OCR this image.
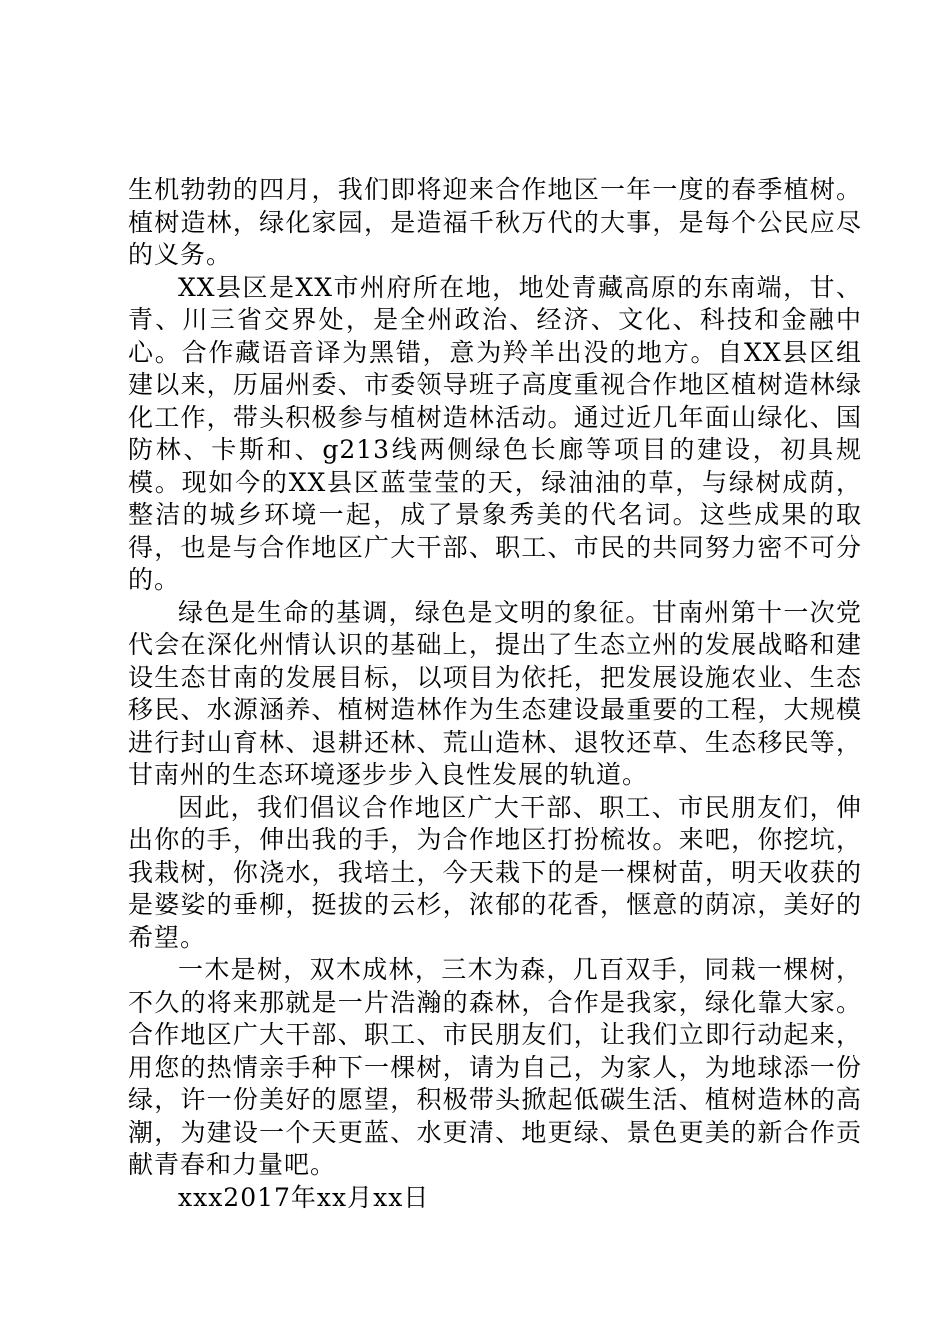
生机勃勃的四月，我们即将迎来合作地区一年一度的春季植树。植树造林，绿化家园，是造福千秋万代的大事，是每个公民应尽的义务。

XX县区是XX市州府所在地，地处青藏高原的东南端，甘、青、川三省交界处，是全州政治、经济、文化、科技和金融中心。合作藏语音译为黑错，意为羚羊出没的地方。自XX县区组建以来，历届州委、市委领导班子高度重视合作地区植树造林绿化工作，带头积极参与植树造林活动。通过近几年面山绿化、国防林、卡斯和、g213线两侧绿色长廊等项目的建设，初具规模。现如今的XX县区蓝莹莹的天，绿油油的草，与绿树成荫，整洁的城乡环境一起，成了景象秀美的代名词。这些成果的取得，也是与合作地区广大干部、职工、市民的共同努力密不可分的。

绿色是生命的基调，绿色是文明的象征。甘南州第十一次党代会在深化州情认识的基础上，提出了生态立州的发展战略和建设生态甘南的发展目标，以项目为依托，把发展设施农业、生态移民、水源涵养、植树造林作为生态建设最重要的工程，大规模进行封山育林、退耕还林、荒山造林、退牧还草、生态移民等，甘南州的生态环境逐步步入良性发展的轨道。

因此，我们倡议合作地区广大干部、职工、市民朋友们，伸出你的手，伸出我的手，为合作地区打扮梳妆。来吧，你挖坑，我栽树，你浇水，我培土，今天栽下的是一棵树苗，明天收获的是婆娑的垂柳，挺拔的云杉，浓郁的花香，惬意的荫凉，美好的希望。

一木是树，双木成林，三木为森，几百双手，同栽一棵树，不久的将来那就是一片浩瀚的森林，合作是我家，绿化靠大家。合作地区广大干部、职工、市民朋友们，让我们立即行动起来，用您的热情亲手种下一棵树，请为自己，为家人，为地球添一份绿，许一份美好的愿望，积极带头掀起低碳生活、植树造林的高潮，为建设一个天更蓝、水更清、地更绿、景色更美的新合作贡献青春和力量吧。

xxx2017年xx月xx日
